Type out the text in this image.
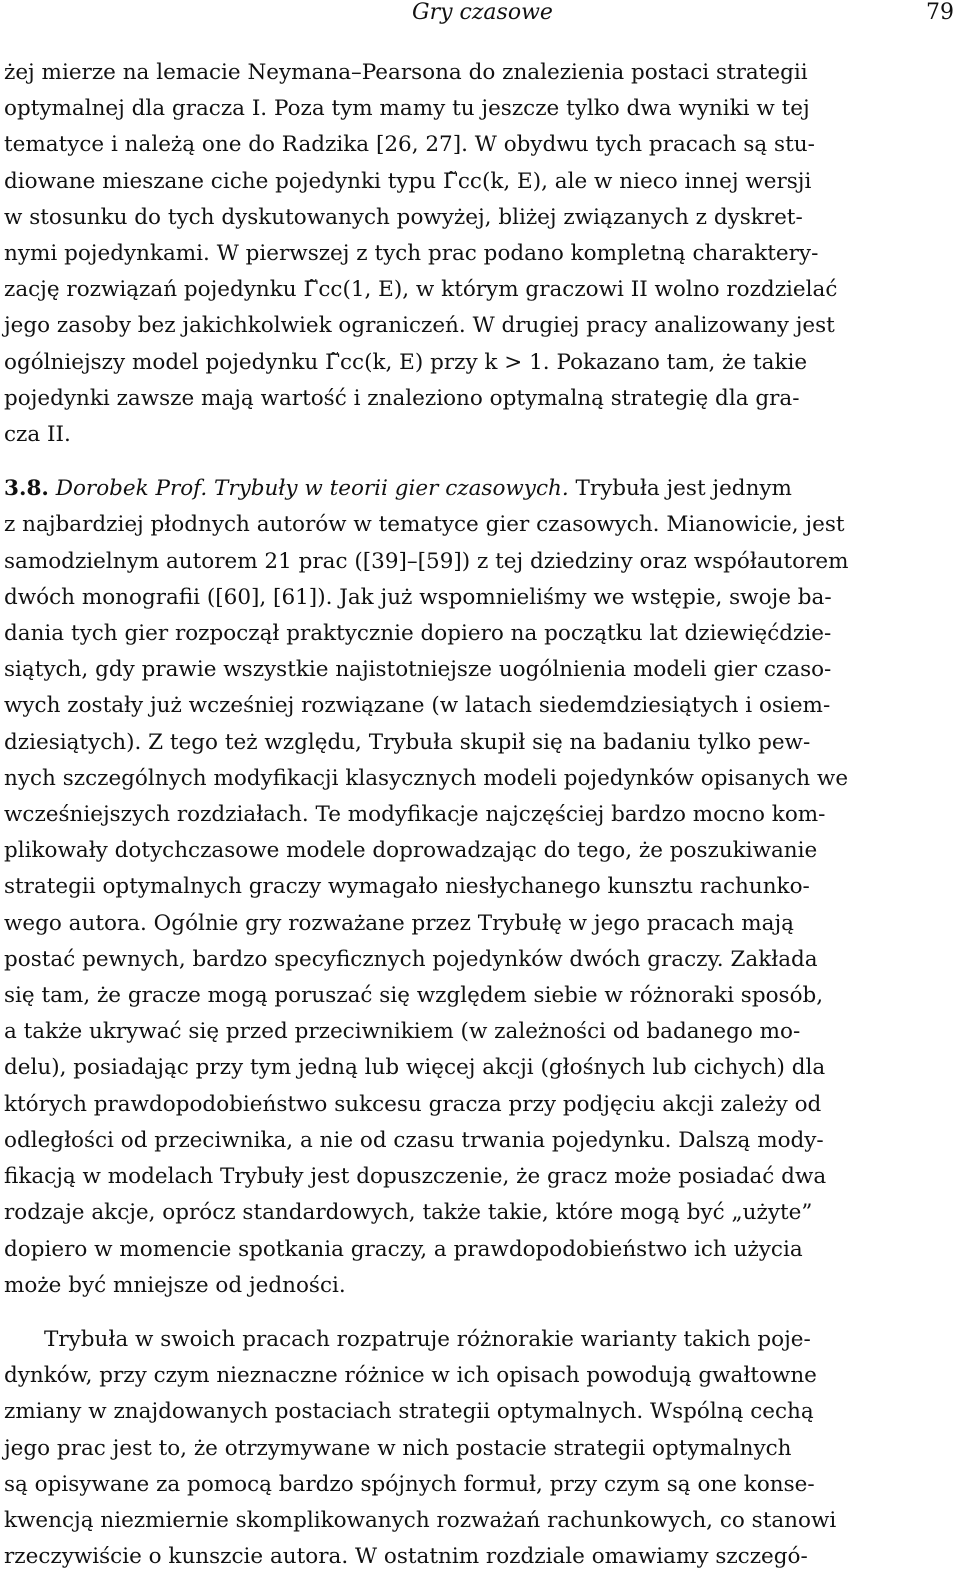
Gry czasowe	79
żej mierze na lemacie Neymana–Pearsona do znalezienia postaci strategii
optymalnej dla gracza I. Poza tym mamy tu jeszcze tylko dwa wyniki w tej
tematyce i należą one do Radzika [26, 27]. W obydwu tych pracach są stu-
diowane mieszane ciche pojedynki typu Γ̃cc(k, E), ale w nieco innej wersji
w stosunku do tych dyskutowanych powyżej, bliżej związanych z dyskret-
nymi pojedynkami. W pierwszej z tych prac podano kompletną charaktery-
zację rozwiązań pojedynku Γ̃cc(1, E), w którym graczowi II wolno rozdzielać
jego zasoby bez jakichkolwiek ograniczeń. W drugiej pracy analizowany jest
ogólniejszy model pojedynku Γ̃cc(k, E) przy k > 1. Pokazano tam, że takie
pojedynki zawsze mają wartość i znaleziono optymalną strategię dla gra-
cza II.
3.8. Dorobek Prof. Trybuły w teorii gier czasowych. Trybuła jest jednym
z najbardziej płodnych autorów w tematyce gier czasowych. Mianowicie, jest
samodzielnym autorem 21 prac ([39]–[59]) z tej dziedziny oraz współautorem
dwóch monografii ([60], [61]). Jak już wspomnieliśmy we wstępie, swoje ba-
dania tych gier rozpoczął praktycznie dopiero na początku lat dziewięćdzie-
siątych, gdy prawie wszystkie najistotniejsze uogólnienia modeli gier czaso-
wych zostały już wcześniej rozwiązane (w latach siedemdziesiątych i osiem-
dziesiątych). Z tego też względu, Trybuła skupił się na badaniu tylko pew-
nych szczególnych modyfikacji klasycznych modeli pojedynków opisanych we
wcześniejszych rozdziałach. Te modyfikacje najczęściej bardzo mocno kom-
plikowały dotychczasowe modele doprowadzając do tego, że poszukiwanie
strategii optymalnych graczy wymagało niesłychanego kunsztu rachunko-
wego autora. Ogólnie gry rozważane przez Trybułę w jego pracach mają
postać pewnych, bardzo specyficznych pojedynków dwóch graczy. Zakłada
się tam, że gracze mogą poruszać się względem siebie w różnoraki sposób,
a także ukrywać się przed przeciwnikiem (w zależności od badanego mo-
delu), posiadając przy tym jedną lub więcej akcji (głośnych lub cichych) dla
których prawdopodobieństwo sukcesu gracza przy podjęciu akcji zależy od
odległości od przeciwnika, a nie od czasu trwania pojedynku. Dalszą mody-
fikacją w modelach Trybuły jest dopuszczenie, że gracz może posiadać dwa
rodzaje akcje, oprócz standardowych, także takie, które mogą być „użyte”
dopiero w momencie spotkania graczy, a prawdopodobieństwo ich użycia
może być mniejsze od jedności.
Trybuła w swoich pracach rozpatruje różnorakie warianty takich poje-
dynków, przy czym nieznaczne różnice w ich opisach powodują gwałtowne
zmiany w znajdowanych postaciach strategii optymalnych. Wspólną cechą
jego prac jest to, że otrzymywane w nich postacie strategii optymalnych
są opisywane za pomocą bardzo spójnych formuł, przy czym są one konse-
kwencją niezmiernie skomplikowanych rozważań rachunkowych, co stanowi
rzeczywiście o kunszcie autora. W ostatnim rozdziale omawiamy szczegó-
